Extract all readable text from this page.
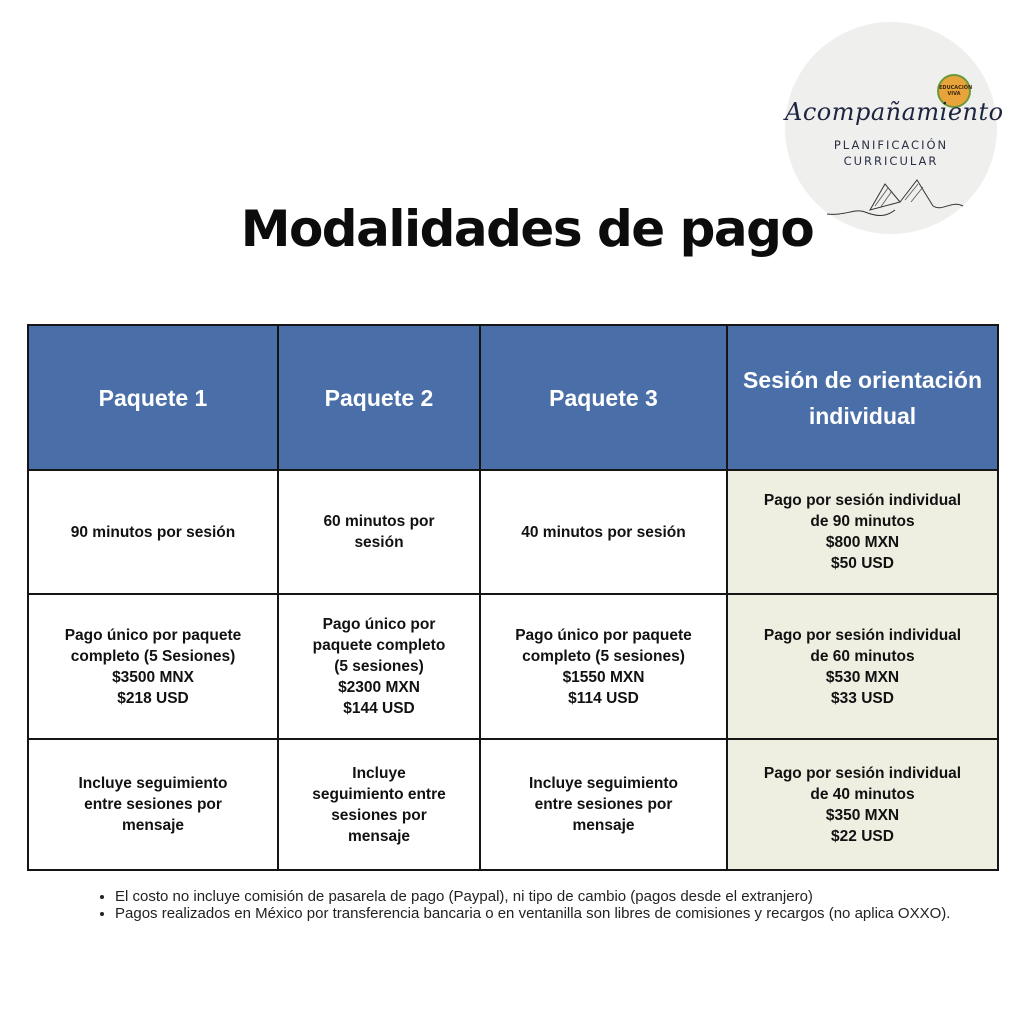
EDUCACIÓN VIVA
Acompañamiento
PLANIFICACIÓN
CURRICULAR
Modalidades de pago
Paquete 1	Paquete 2	Paquete 3	Sesión de orientación individual

90 minutos por sesión	60 minutos por
sesión	40 minutos por sesión	Pago por sesión individual
de 90 minutos
$800 MXN
$50 USD

Pago único por paquete
completo (5 Sesiones)
$3500 MNX
$218 USD	Pago único por
paquete completo
(5 sesiones)
$2300 MXN
$144 USD	Pago único por paquete
completo (5 sesiones)
$1550 MXN
$114 USD	Pago por sesión individual
de 60 minutos
$530 MXN
$33 USD

Incluye seguimiento
entre sesiones por
mensaje	Incluye
seguimiento entre
sesiones por
mensaje	Incluye seguimiento
entre sesiones por
mensaje	Pago por sesión individual
de 40 minutos
$350 MXN
$22 USD
• El costo no incluye comisión de pasarela de pago (Paypal), ni tipo de cambio (pagos desde el extranjero)
• Pagos realizados en México por transferencia bancaria o en ventanilla son libres de comisiones y recargos (no aplica OXXO).
